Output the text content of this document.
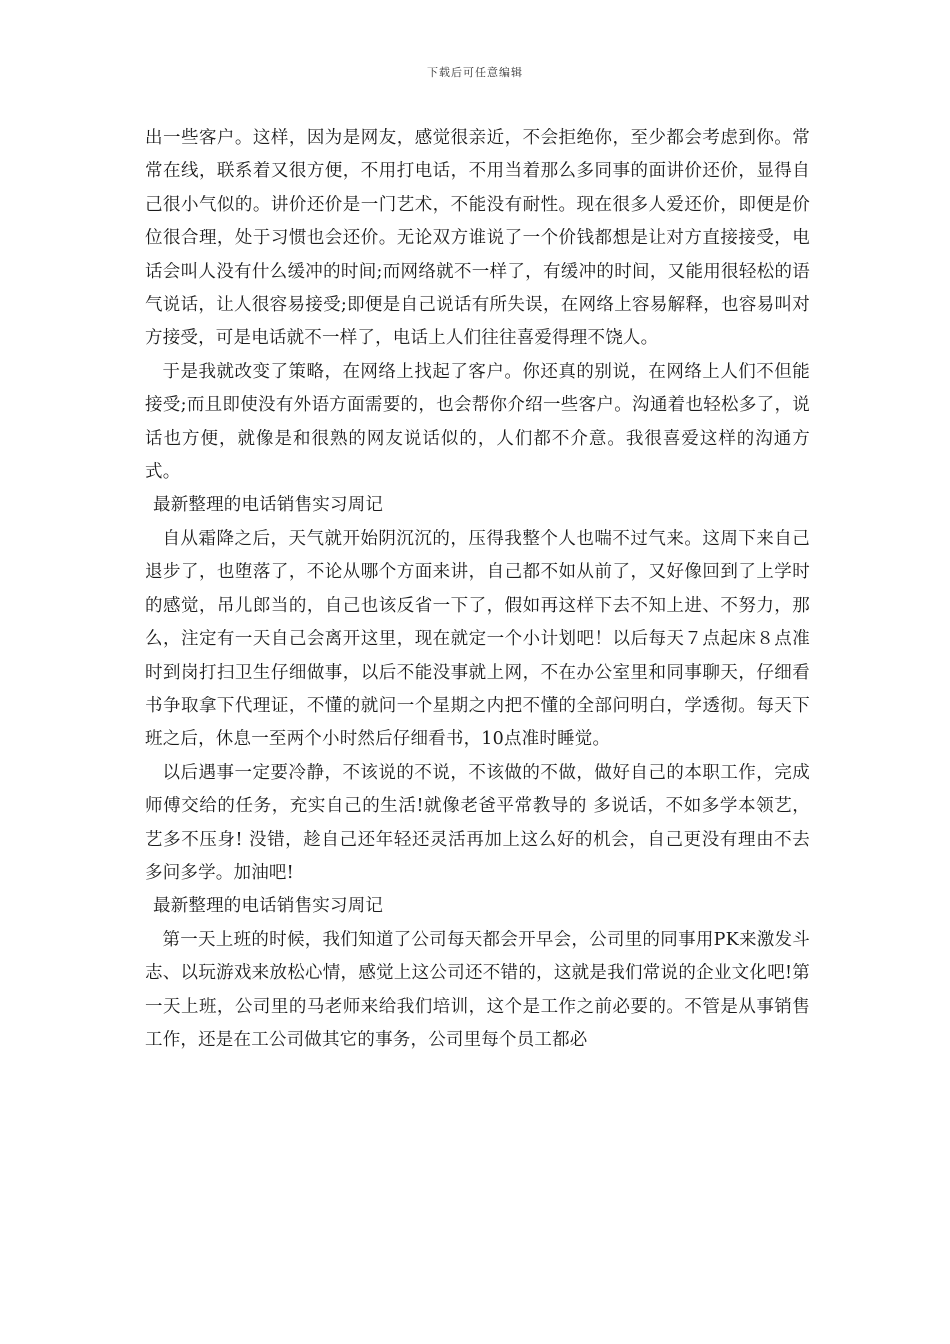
下载后可任意编辑

出一些客户。这样，因为是网友，感觉很亲近，不会拒绝你，至少都会考虑到你。常常在线，联系着又很方便，不用打电话，不用当着那么多同事的面讲价还价，显得自己很小气似的。讲价还价是一门艺术，不能没有耐性。现在很多人爱还价，即便是价位很合理，处于习惯也会还价。无论双方谁说了一个价钱都想是让对方直接接受，电话会叫人没有什么缓冲的时间;而网络就不一样了，有缓冲的时间，又能用很轻松的语气说话，让人很容易接受;即便是自己说话有所失误，在网络上容易解释，也容易叫对方接受，可是电话就不一样了，电话上人们往往喜爱得理不饶人。

于是我就改变了策略，在网络上找起了客户。你还真的别说，在网络上人们不但能接受;而且即使没有外语方面需要的，也会帮你介绍一些客户。沟通着也轻松多了，说话也方便，就像是和很熟的网友说话似的，人们都不介意。我很喜爱这样的沟通方式。

最新整理的电话销售实习周记

自从霜降之后，天气就开始阴沉沉的，压得我整个人也喘不过气来。这周下来自己退步了，也堕落了，不论从哪个方面来讲，自己都不如从前了，又好像回到了上学时的感觉，吊儿郎当的，自己也该反省一下了，假如再这样下去不知上进、不努力，那么，注定有一天自己会离开这里，现在就定一个小计划吧！以后每天７点起床８点准时到岗打扫卫生仔细做事，以后不能没事就上网，不在办公室里和同事聊天，仔细看书争取拿下代理证，不懂的就问一个星期之内把不懂的全部问明白，学透彻。每天下班之后，休息一至两个小时然后仔细看书，10点准时睡觉。

以后遇事一定要冷静，不该说的不说，不该做的不做，做好自己的本职工作，完成师傅交给的任务，充实自己的生活!就像老爸平常教导的 多说话，不如多学本领艺，艺多不压身! 没错，趁自己还年轻还灵活再加上这么好的机会，自己更没有理由不去多问多学。加油吧!

最新整理的电话销售实习周记

第一天上班的时候，我们知道了公司每天都会开早会，公司里的同事用PK来激发斗志、以玩游戏来放松心情，感觉上这公司还不错的，这就是我们常说的企业文化吧!第一天上班，公司里的马老师来给我们培训，这个是工作之前必要的。不管是从事销售工作，还是在工公司做其它的事务，公司里每个员工都必
